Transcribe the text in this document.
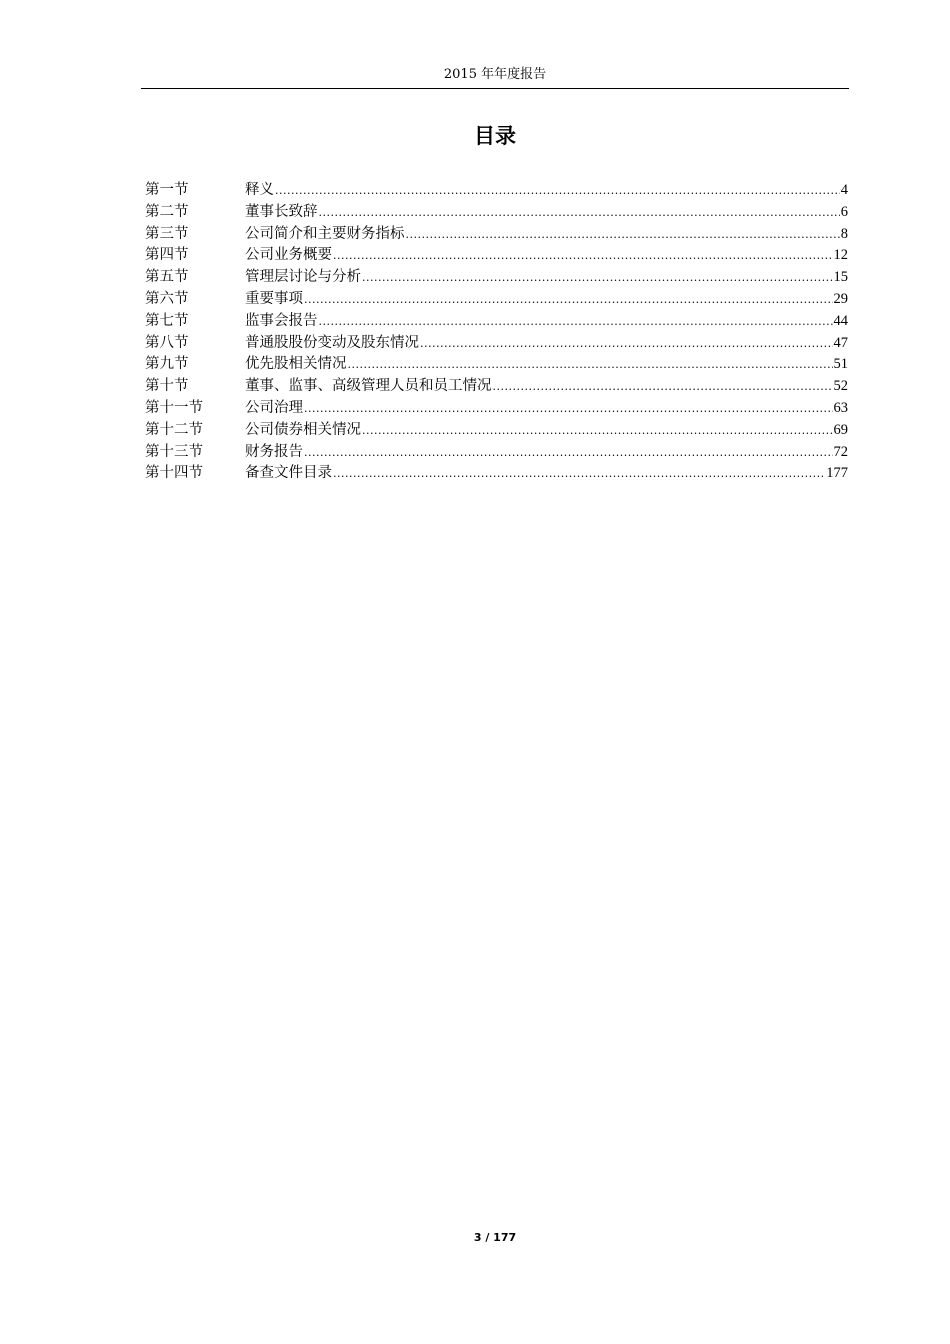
2015 年年度报告
目录
第一节	释义 .....	4
第二节	董事长致辞 .....	6
第三节	公司简介和主要财务指标 .....	8
第四节	公司业务概要 .....	12
第五节	管理层讨论与分析 .....	15
第六节	重要事项 .....	29
第七节	监事会报告 .....	44
第八节	普通股股份变动及股东情况 .....	47
第九节	优先股相关情况 .....	51
第十节	董事、监事、高级管理人员和员工情况 .....	52
第十一节	公司治理 .....	63
第十二节	公司债券相关情况 .....	69
第十三节	财务报告 .....	72
第十四节	备查文件目录 .....	177
3 / 177
